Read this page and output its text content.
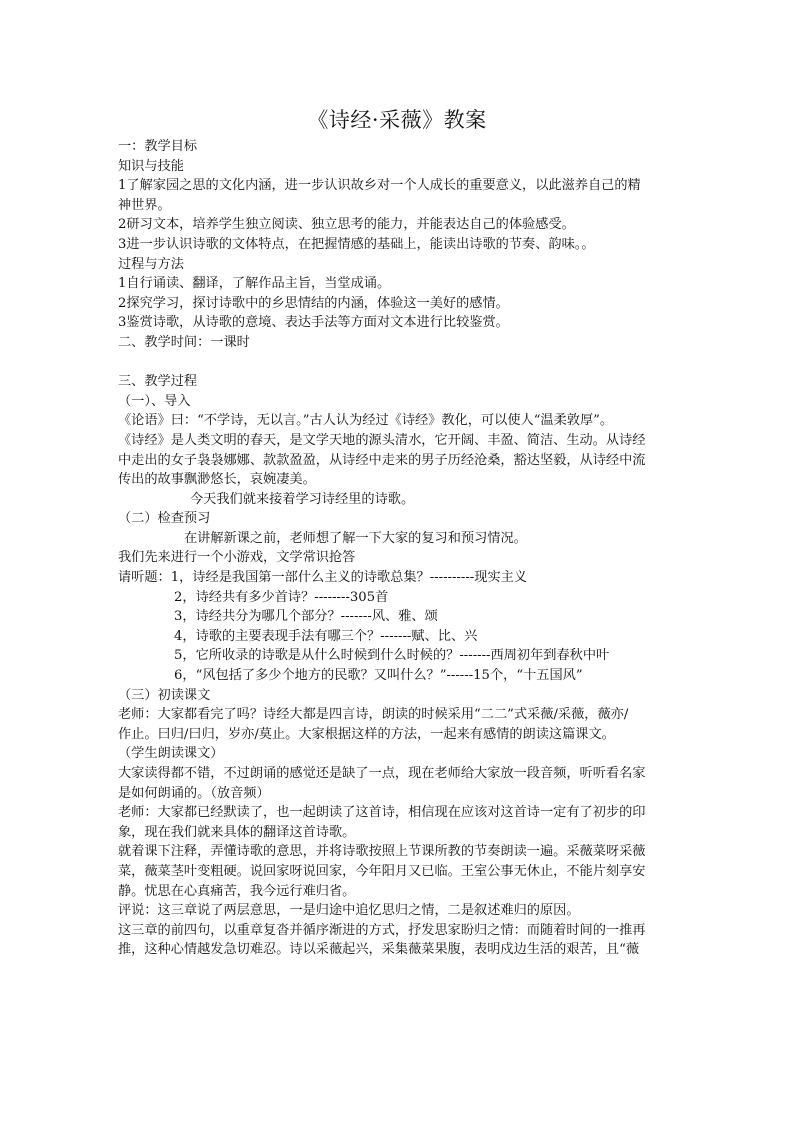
《诗经·采薇》教案

一：教学目标

知识与技能

1了解家园之思的文化内涵，进一步认识故乡对一个人成长的重要意义，以此滋养自己的精

神世界。

2研习文本，培养学生独立阅读、独立思考的能力，并能表达自己的体验感受。

3进一步认识诗歌的文体特点，在把握情感的基础上，能读出诗歌的节奏、韵味。。

过程与方法

1自行诵读、翻译，了解作品主旨，当堂成诵。

2探究学习，探讨诗歌中的乡思情结的内涵，体验这一美好的感情。

3鉴赏诗歌，从诗歌的意境、表达手法等方面对文本进行比较鉴赏。

二、教学时间：一课时

三、教学过程

（一）、导入

《论语》曰：“不学诗，无以言。”古人认为经过《诗经》教化，可以使人“温柔敦厚”。

《诗经》是人类文明的春天，是文学天地的源头清水，它开阔、丰盈、简洁、生动。从诗经

中走出的女子袅袅娜娜、款款盈盈，从诗经中走来的男子历经沧桑，豁达坚毅，从诗经中流

传出的故事飘渺悠长，哀婉凄美。

今天我们就来接着学习诗经里的诗歌。

（二）检查预习

在讲解新课之前，老师想了解一下大家的复习和预习情况。

我们先来进行一个小游戏，文学常识抢答

请听题：1，诗经是我国第一部什么主义的诗歌总集？----------现实主义

2，诗经共有多少首诗？--------305首

3，诗经共分为哪几个部分？-------风、雅、颂

4，诗歌的主要表现手法有哪三个？-------赋、比、兴

5，它所收录的诗歌是从什么时候到什么时候的？-------西周初年到春秋中叶

6，“风包括了多少个地方的民歌？又叫什么？”------15个，“十五国风”

（三）初读课文

老师：大家都看完了吗？诗经大都是四言诗，朗读的时候采用“二二”式采薇/采薇，薇亦/

作止。曰归/曰归，岁亦/莫止。大家根据这样的方法，一起来有感情的朗读这篇课文。

（学生朗读课文）

大家读得都不错，不过朗诵的感觉还是缺了一点，现在老师给大家放一段音频，听听看名家

是如何朗诵的。（放音频）

老师：大家都已经默读了，也一起朗读了这首诗，相信现在应该对这首诗一定有了初步的印

象，现在我们就来具体的翻译这首诗歌。

就着课下注释，弄懂诗歌的意思，并将诗歌按照上节课所教的节奏朗读一遍。采薇菜呀采薇

菜，薇菜茎叶变粗硬。说回家呀说回家，今年阳月又已临。王室公事无休止，不能片刻享安

静。忧思在心真痛苦，我今远行难归省。

评说：这三章说了两层意思，一是归途中追忆思归之情，二是叙述难归的原因。

这三章的前四句，以重章复沓并循序渐进的方式，抒发思家盼归之情：而随着时间的一推再

推，这种心情越发急切难忍。诗以采薇起兴，采集薇菜果腹，表明戍边生活的艰苦，且“薇
